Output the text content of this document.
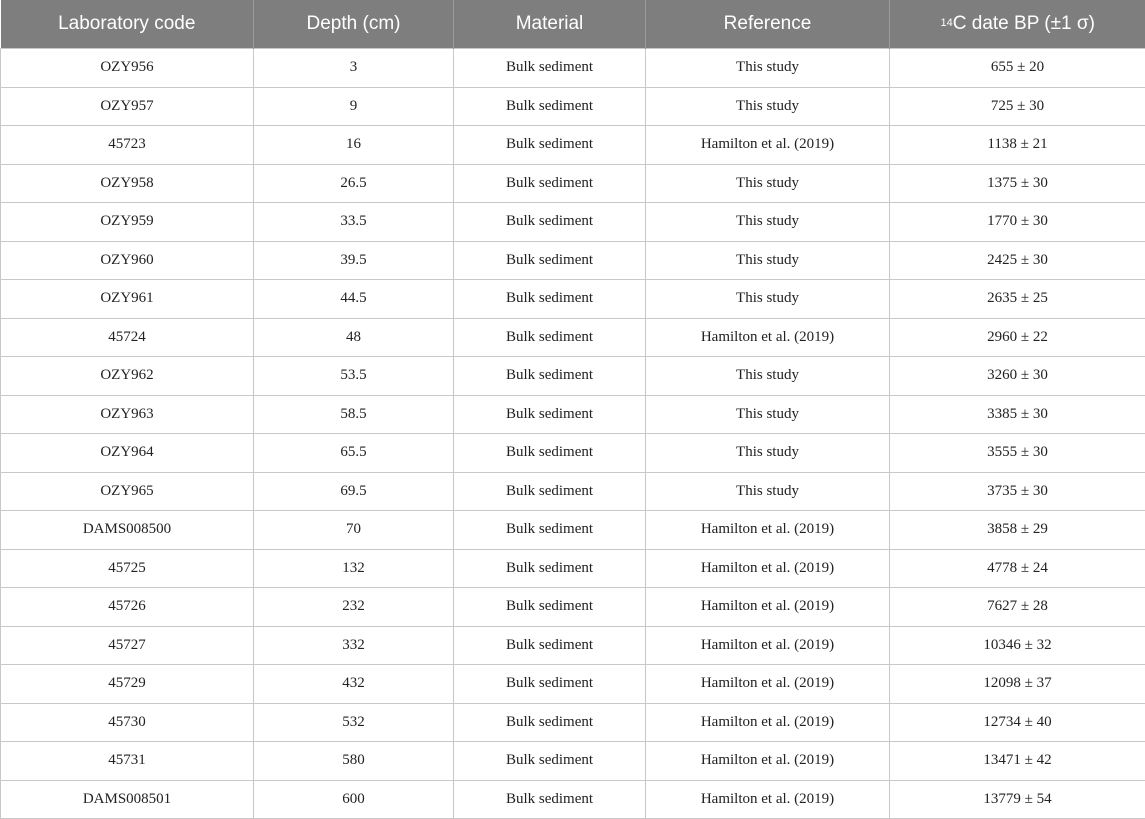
Laboratory code	Depth (cm)	Material	Reference	$^{14}$C date BP (±1 σ)
OZY956	3	Bulk sediment	This study	655 ± 20
OZY957	9	Bulk sediment	This study	725 ± 30
45723	16	Bulk sediment	Hamilton et al. (2019)	1138 ± 21
OZY958	26.5	Bulk sediment	This study	1375 ± 30
OZY959	33.5	Bulk sediment	This study	1770 ± 30
OZY960	39.5	Bulk sediment	This study	2425 ± 30
OZY961	44.5	Bulk sediment	This study	2635 ± 25
45724	48	Bulk sediment	Hamilton et al. (2019)	2960 ± 22
OZY962	53.5	Bulk sediment	This study	3260 ± 30
OZY963	58.5	Bulk sediment	This study	3385 ± 30
OZY964	65.5	Bulk sediment	This study	3555 ± 30
OZY965	69.5	Bulk sediment	This study	3735 ± 30
DAMS008500	70	Bulk sediment	Hamilton et al. (2019)	3858 ± 29
45725	132	Bulk sediment	Hamilton et al. (2019)	4778 ± 24
45726	232	Bulk sediment	Hamilton et al. (2019)	7627 ± 28
45727	332	Bulk sediment	Hamilton et al. (2019)	10346 ± 32
45729	432	Bulk sediment	Hamilton et al. (2019)	12098 ± 37
45730	532	Bulk sediment	Hamilton et al. (2019)	12734 ± 40
45731	580	Bulk sediment	Hamilton et al. (2019)	13471 ± 42
DAMS008501	600	Bulk sediment	Hamilton et al. (2019)	13779 ± 54
